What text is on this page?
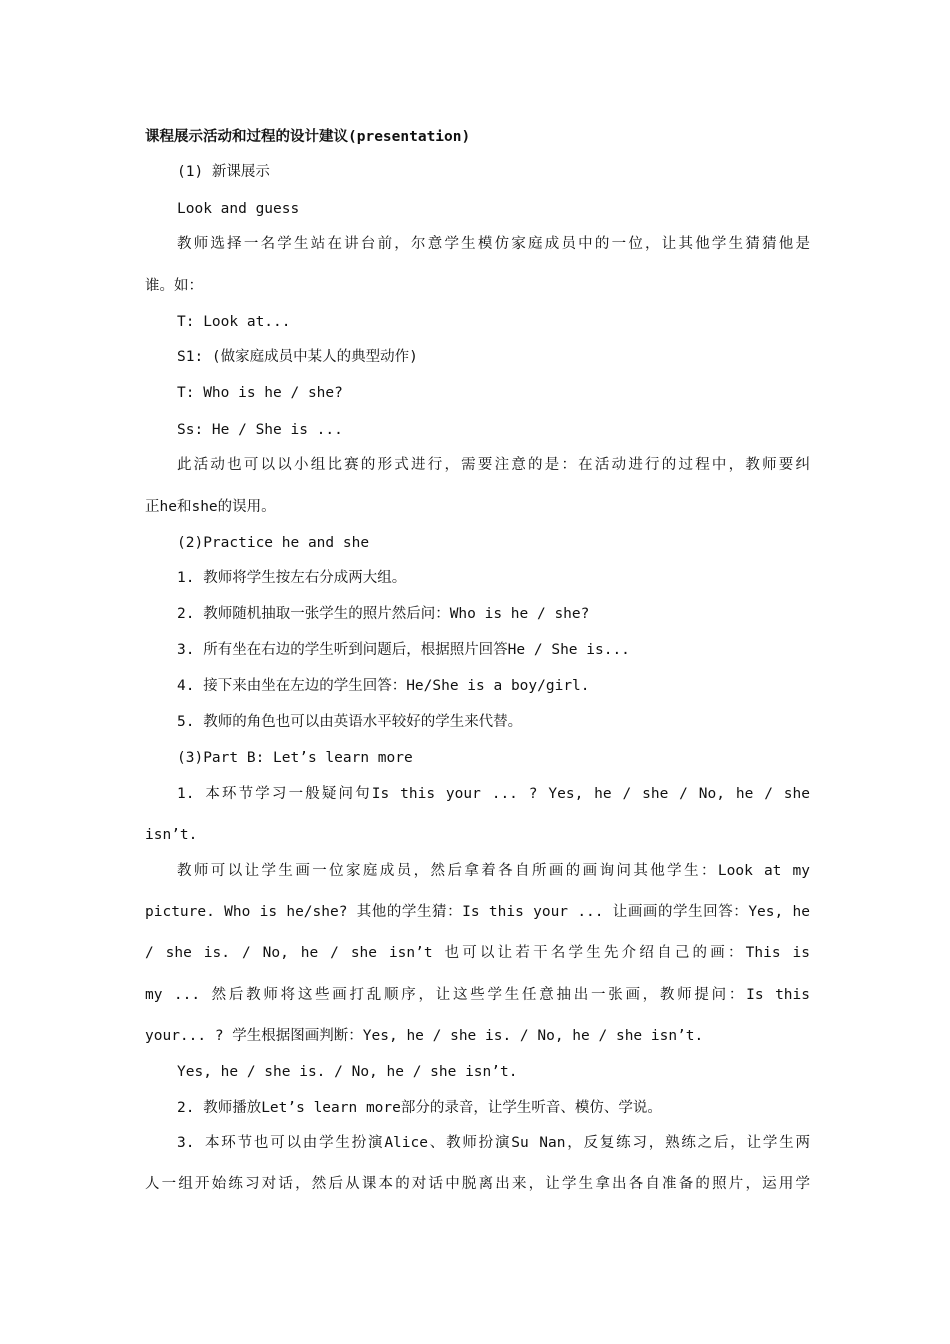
课程展示活动和过程的设计建议(presentation)
(1) 新课展示
Look and guess
教师选择一名学生站在讲台前，尔意学生模仿家庭成员中的一位，让其他学生猜猜他是
谁。如：
T: Look at...
S1: (做家庭成员中某人的典型动作)
T: Who is he / she?
Ss: He / She is ...
此活动也可以以小组比赛的形式进行，需要注意的是：在活动进行的过程中，教师要纠
正he和she的误用。
(2)Practice he and she
1. 教师将学生按左右分成两大组。
2. 教师随机抽取一张学生的照片然后问：Who is he / she?
3. 所有坐在右边的学生听到问题后，根据照片回答He / She is...
4. 接下来由坐在左边的学生回答：He/She is a boy/girl.
5. 教师的角色也可以由英语水平较好的学生来代替。
(3)Part B: Let’s learn more
1. 本环节学习一般疑问句Is this your ... ? Yes, he / she / No, he / she
isn’t.
教师可以让学生画一位家庭成员，然后拿着各自所画的画询问其他学生：Look at my
picture. Who is he/she? 其他的学生猜：Is this your ... 让画画的学生回答：Yes, he
/ she is. / No, he / she isn’t 也可以让若干名学生先介绍自己的画：This is
my ... 然后教师将这些画打乱顺序，让这些学生任意抽出一张画，教师提问：Is this
your... ? 学生根据图画判断：Yes, he / she is. / No, he / she isn’t.
Yes, he / she is. / No, he / she isn’t.
2. 教师播放Let’s learn more部分的录音，让学生听音、模仿、学说。
3. 本环节也可以由学生扮演Alice、教师扮演Su Nan，反复练习，熟练之后，让学生两
人一组开始练习对话，然后从课本的对话中脱离出来，让学生拿出各自准备的照片，运用学
